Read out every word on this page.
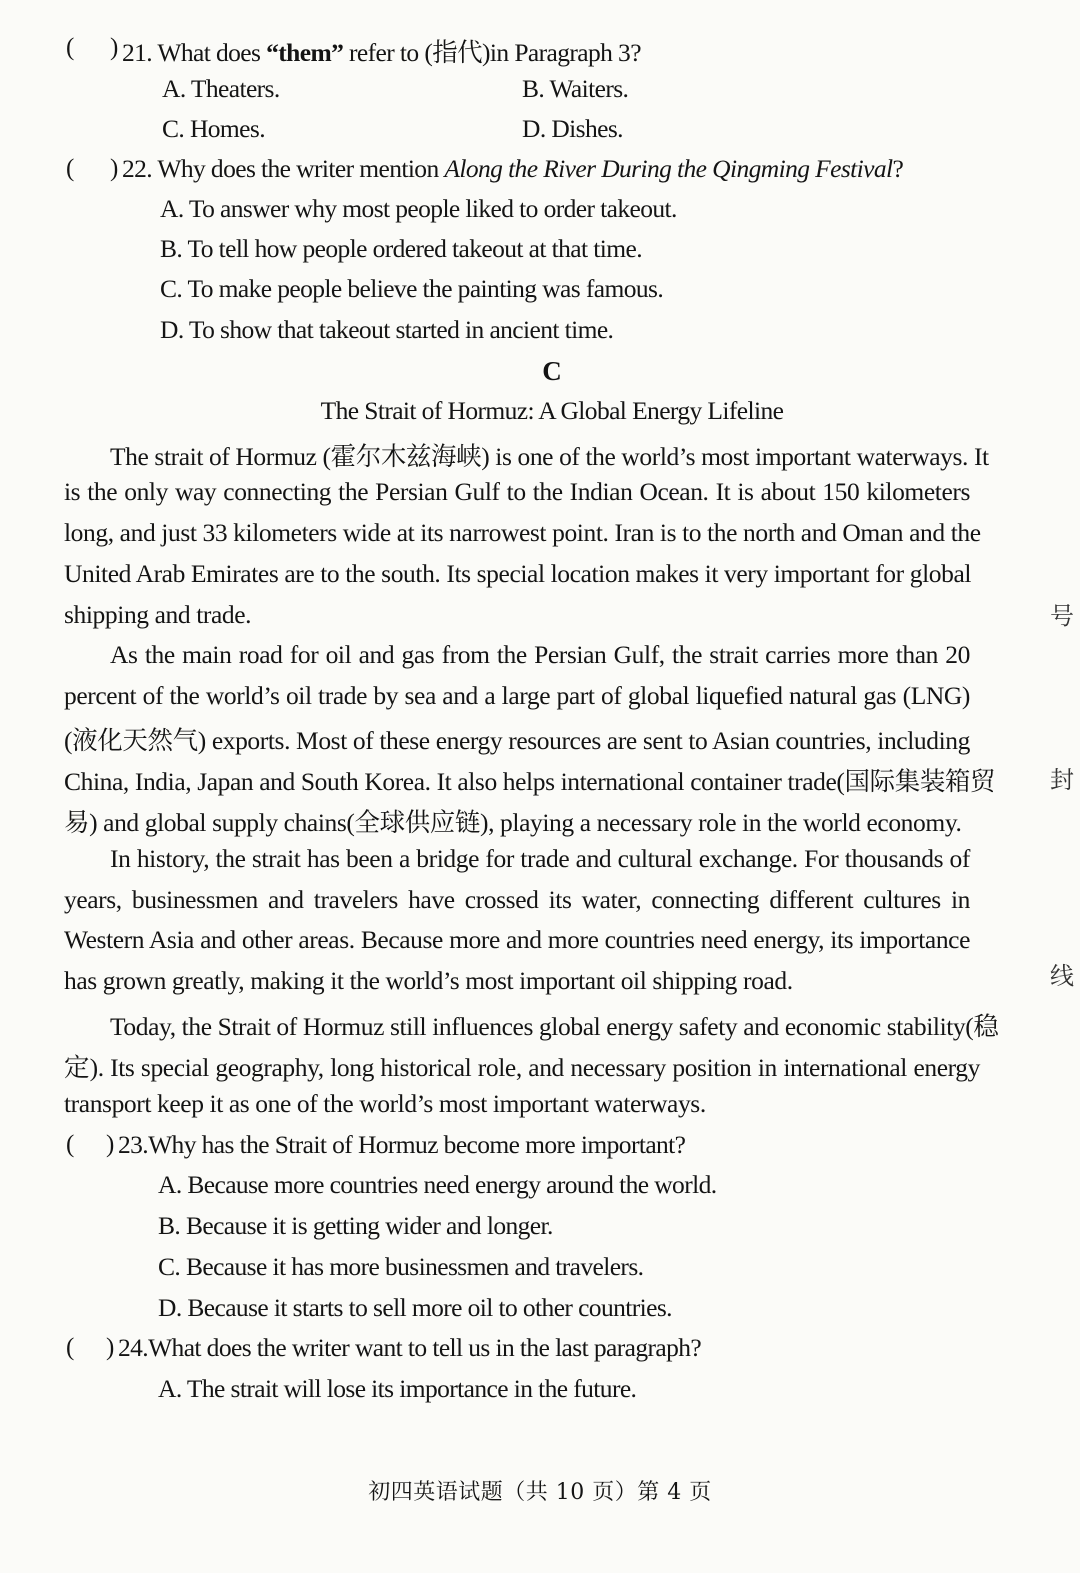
( ) 21. What does “them” refer to (指代)in Paragraph 3?
A. Theaters.	B. Waiters.
C. Homes.	D. Dishes.
( ) 22. Why does the writer mention Along the River During the Qingming Festival?
A. To answer why most people liked to order takeout.
B. To tell how people ordered takeout at that time.
C. To make people believe the painting was famous.
D. To show that takeout started in ancient time.
C
The Strait of Hormuz: A Global Energy Lifeline
The strait of Hormuz (霍尔木兹海峡) is one of the world’s most important waterways. It
is the only way connecting the Persian Gulf to the Indian Ocean. It is about 150 kilometers
long, and just 33 kilometers wide at its narrowest point. Iran is to the north and Oman and the
United Arab Emirates are to the south. Its special location makes it very important for global
shipping and trade.
As the main road for oil and gas from the Persian Gulf, the strait carries more than 20
percent of the world’s oil trade by sea and a large part of global liquefied natural gas (LNG)
(液化天然气) exports. Most of these energy resources are sent to Asian countries, including
China, India, Japan and South Korea. It also helps international container trade(国际集装箱贸
易) and global supply chains(全球供应链), playing a necessary role in the world economy.
In history, the strait has been a bridge for trade and cultural exchange. For thousands of
years, businessmen and travelers have crossed its water, connecting different cultures in
Western Asia and other areas. Because more and more countries need energy, its importance
has grown greatly, making it the world’s most important oil shipping road.
Today, the Strait of Hormuz still influences global energy safety and economic stability(稳
定). Its special geography, long historical role, and necessary position in international energy
transport keep it as one of the world’s most important waterways.
( ) 23.Why has the Strait of Hormuz become more important?
A. Because more countries need energy around the world.
B. Because it is getting wider and longer.
C. Because it has more businessmen and travelers.
D. Because it starts to sell more oil to other countries.
( ) 24.What does the writer want to tell us in the last paragraph?
A. The strait will lose its importance in the future.
初四英语试题（共 10 页）第 4 页
号
封
线
